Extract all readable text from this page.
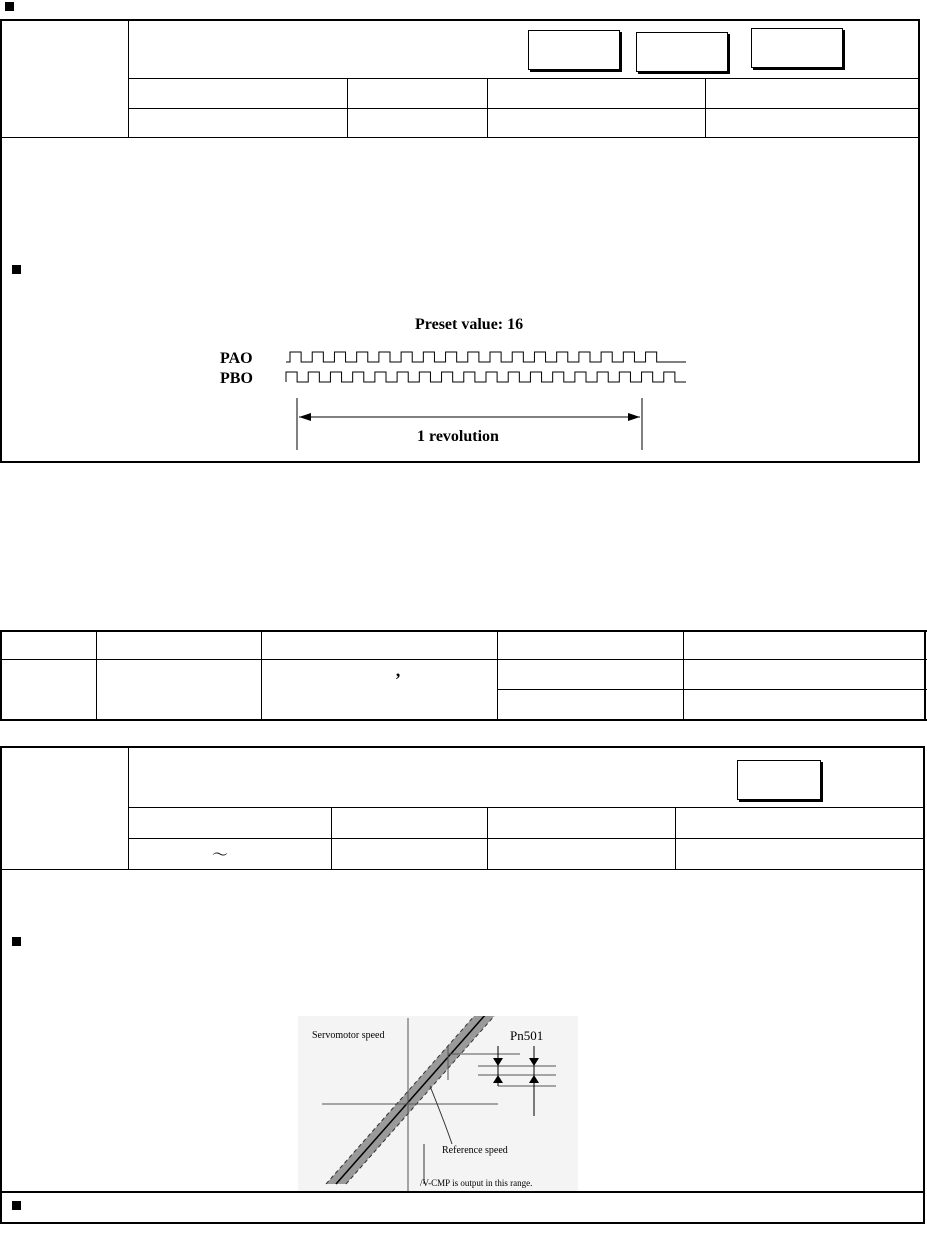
Preset value: 16
PAO
PBO
1 revolution
‚
～
Servomotor speed	Pn501
Reference speed
/V-CMP is output in this range.
